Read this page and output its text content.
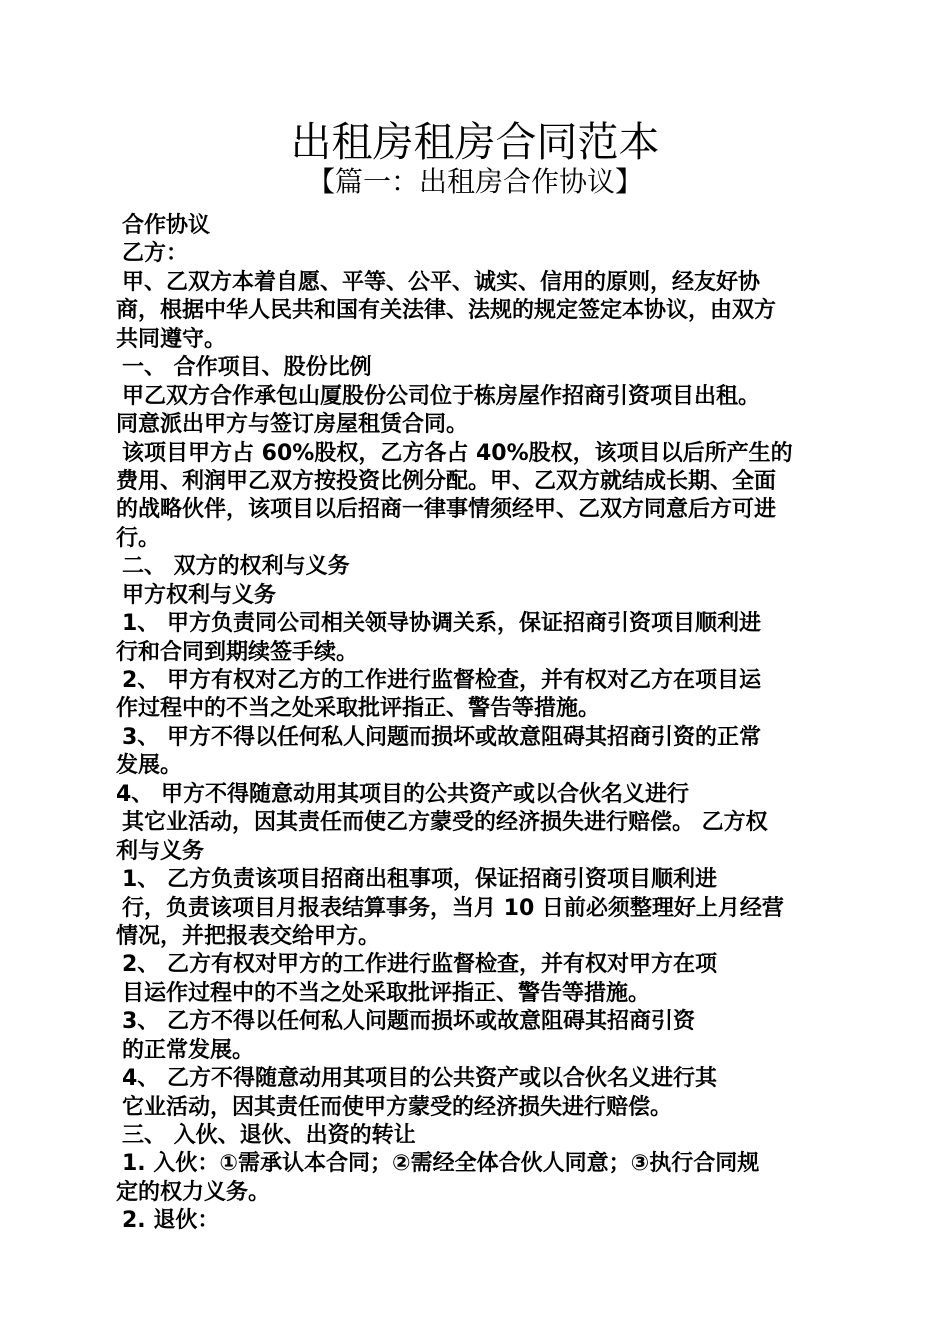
出租房租房合同范本
【篇一：出租房合作协议】
合作协议
乙方：
甲、乙双方本着自愿、平等、公平、诚实、信用的原则，经友好协
商，根据中华人民共和国有关法律、法规的规定签定本协议，由双方
共同遵守。
一、 合作项目、股份比例
甲乙双方合作承包山厦股份公司位于栋房屋作招商引资项目出租。
同意派出甲方与签订房屋租赁合同。
该项目甲方占 60%股权，乙方各占 40%股权，该项目以后所产生的
费用、利润甲乙双方按投资比例分配。甲、乙双方就结成长期、全面
的战略伙伴，该项目以后招商一律事情须经甲、乙双方同意后方可进
行。
二、 双方的权利与义务
甲方权利与义务
1、 甲方负责同公司相关领导协调关系，保证招商引资项目顺利进
行和合同到期续签手续。
2、 甲方有权对乙方的工作进行监督检查，并有权对乙方在项目运
作过程中的不当之处采取批评指正、警告等措施。
3、 甲方不得以任何私人问题而损坏或故意阻碍其招商引资的正常
发展。
4、 甲方不得随意动用其项目的公共资产或以合伙名义进行
其它业活动，因其责任而使乙方蒙受的经济损失进行赔偿。 乙方权
利与义务
1、 乙方负责该项目招商出租事项，保证招商引资项目顺利进
行，负责该项目月报表结算事务，当月 10 日前必须整理好上月经营
情况，并把报表交给甲方。
2、 乙方有权对甲方的工作进行监督检查，并有权对甲方在项
目运作过程中的不当之处采取批评指正、警告等措施。
3、 乙方不得以任何私人问题而损坏或故意阻碍其招商引资
的正常发展。
4、 乙方不得随意动用其项目的公共资产或以合伙名义进行其
它业活动，因其责任而使甲方蒙受的经济损失进行赔偿。
三、 入伙、退伙、出资的转让
1. 入伙：①需承认本合同；②需经全体合伙人同意；③执行合同规
定的权力义务。
2. 退伙：
